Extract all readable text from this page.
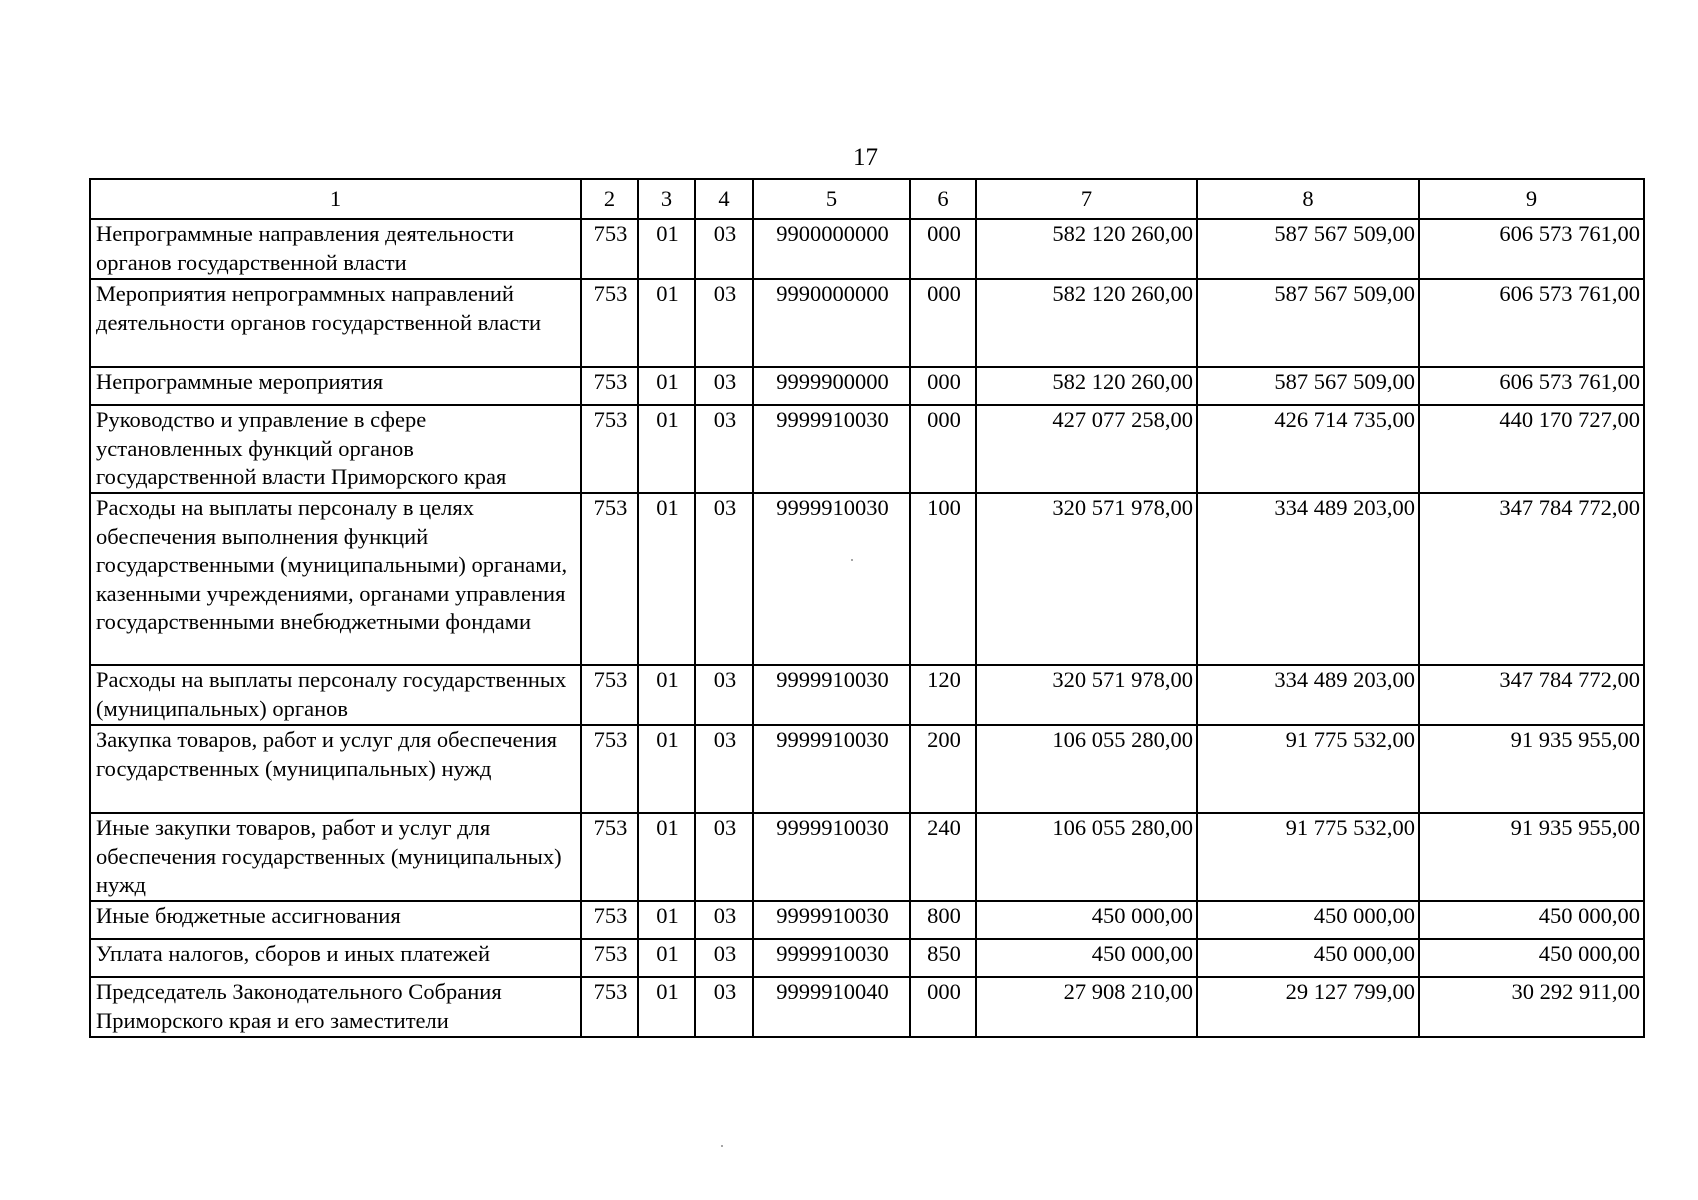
17
1	2	3	4	5	6	7	8	9
Непрограммные направления деятельности органов государственной власти	753	01	03	9900000000	000	582 120 260,00	587 567 509,00	606 573 761,00
Мероприятия непрограммных направлений деятельности органов государственной власти	753	01	03	9990000000	000	582 120 260,00	587 567 509,00	606 573 761,00
Непрограммные мероприятия	753	01	03	9999900000	000	582 120 260,00	587 567 509,00	606 573 761,00
Руководство и управление в сфере установленных функций органов государственной власти Приморского края	753	01	03	9999910030	000	427 077 258,00	426 714 735,00	440 170 727,00
Расходы на выплаты персоналу в целях обеспечения выполнения функций государственными (муниципальными) органами, казенными учреждениями, органами управления государственными внебюджетными фондами	753	01	03	9999910030	100	320 571 978,00	334 489 203,00	347 784 772,00
Расходы на выплаты персоналу государственных (муниципальных) органов	753	01	03	9999910030	120	320 571 978,00	334 489 203,00	347 784 772,00
Закупка товаров, работ и услуг для обеспечения государственных (муниципальных) нужд	753	01	03	9999910030	200	106 055 280,00	91 775 532,00	91 935 955,00
Иные закупки товаров, работ и услуг для обеспечения государственных (муниципальных) нужд	753	01	03	9999910030	240	106 055 280,00	91 775 532,00	91 935 955,00
Иные бюджетные ассигнования	753	01	03	9999910030	800	450 000,00	450 000,00	450 000,00
Уплата налогов, сборов и иных платежей	753	01	03	9999910030	850	450 000,00	450 000,00	450 000,00
Председатель Законодательного Собрания Приморского края и его заместители	753	01	03	9999910040	000	27 908 210,00	29 127 799,00	30 292 911,00
